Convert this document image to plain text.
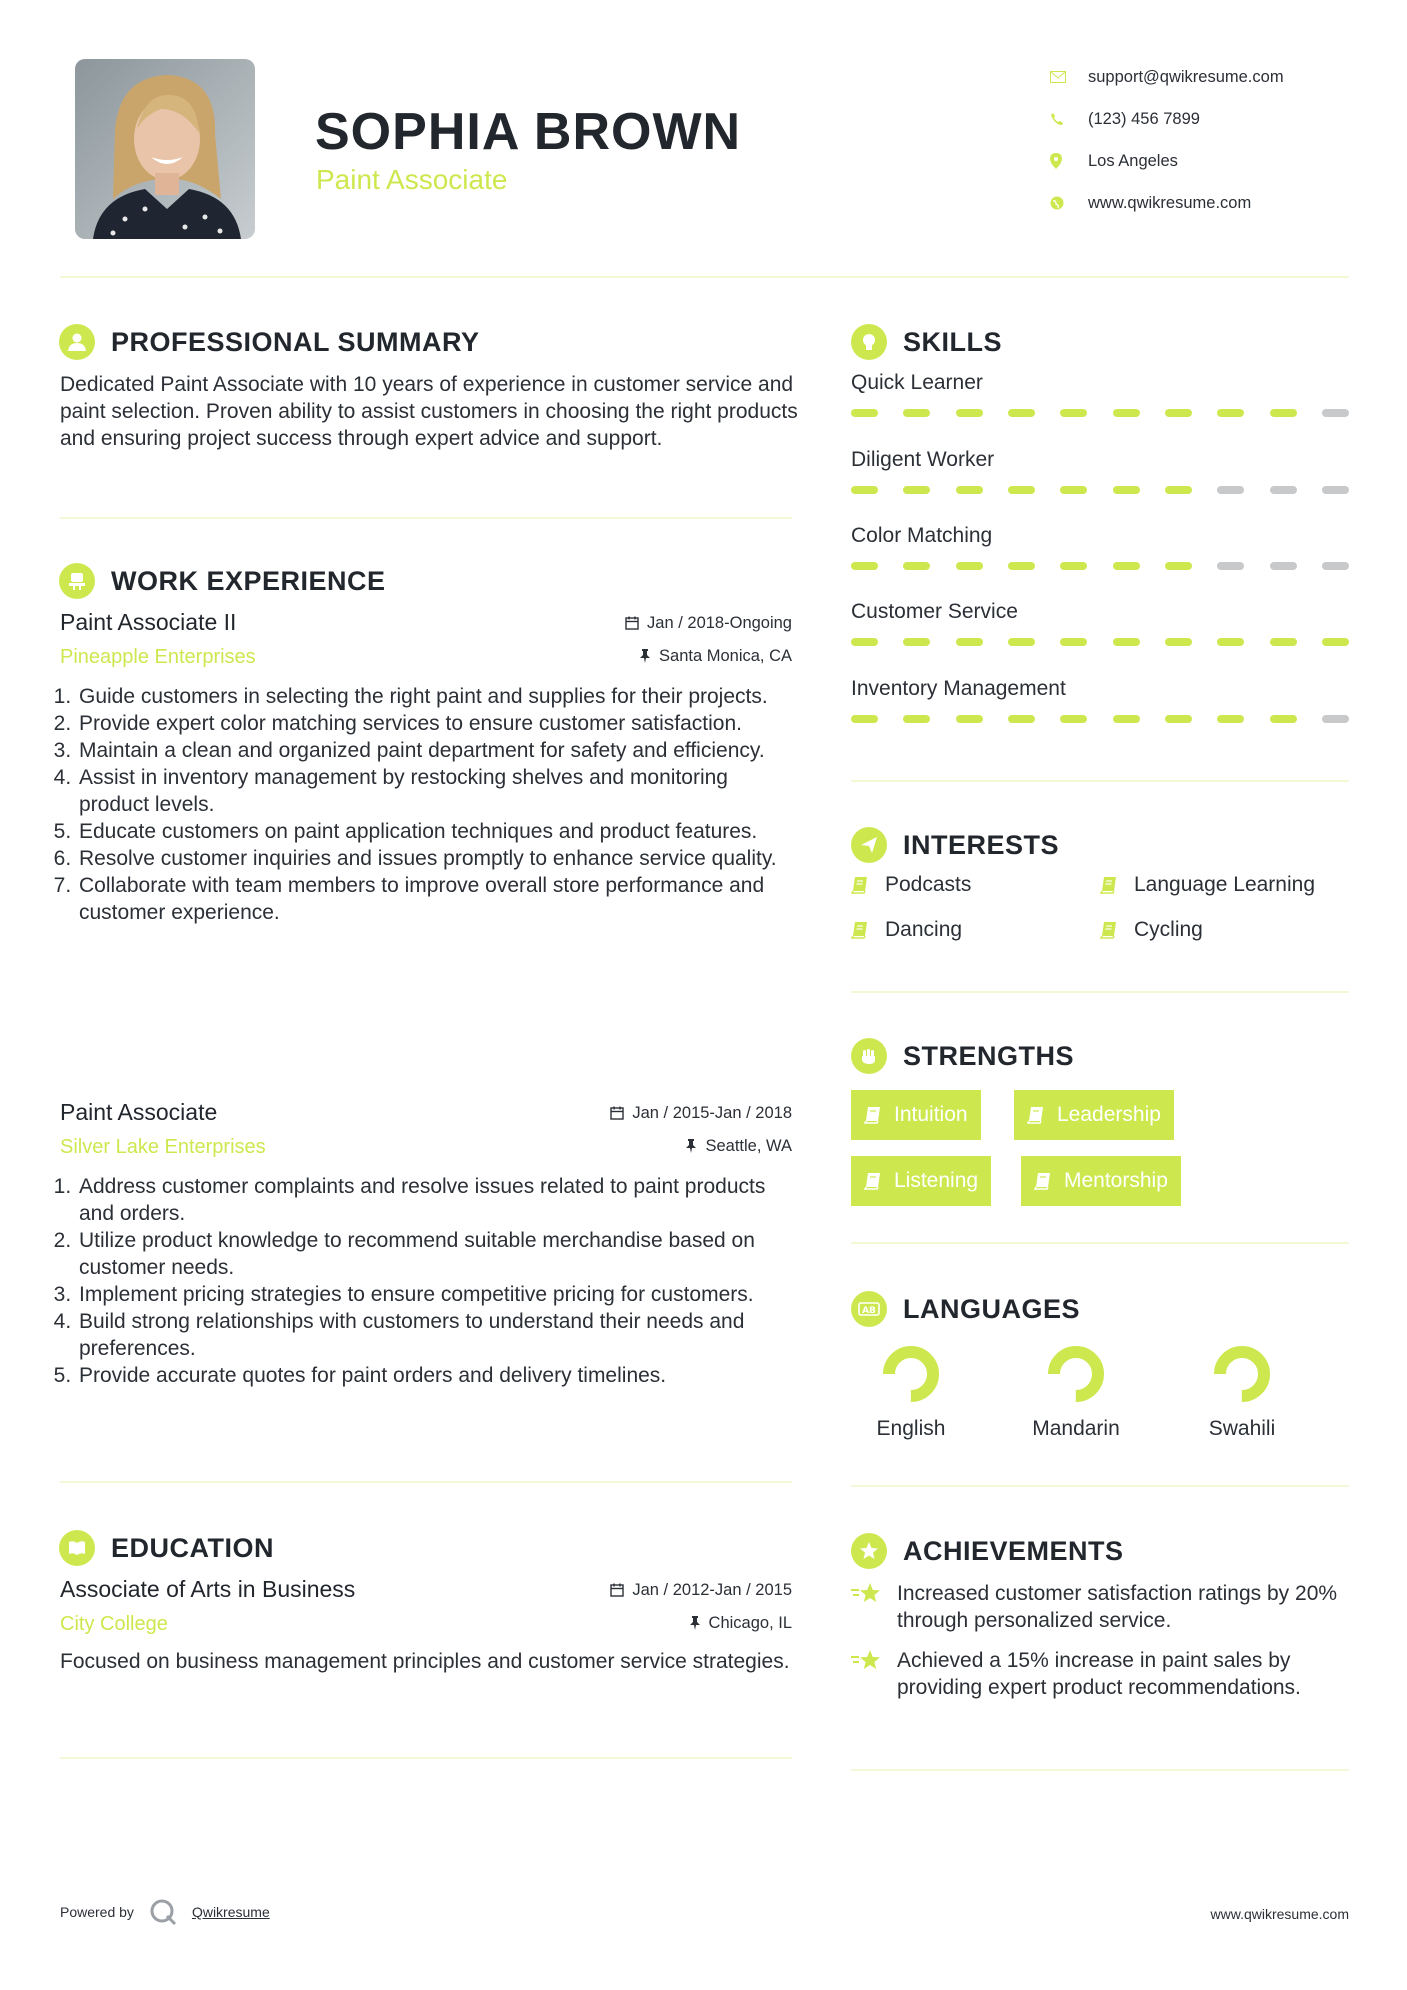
SOPHIA BROWN
Paint Associate
support@qwikresume.com
(123) 456 7899
Los Angeles
www.qwikresume.com
PROFESSIONAL SUMMARY
Dedicated Paint Associate with 10 years of experience in customer service and paint selection. Proven ability to assist customers in choosing the right products and ensuring project success through expert advice and support.
WORK EXPERIENCE
Paint Associate II	Jan / 2018-Ongoing
Pineapple Enterprises	Santa Monica, CA
1. Guide customers in selecting the right paint and supplies for their projects.
2. Provide expert color matching services to ensure customer satisfaction.
3. Maintain a clean and organized paint department for safety and efficiency.
4. Assist in inventory management by restocking shelves and monitoring product levels.
5. Educate customers on paint application techniques and product features.
6. Resolve customer inquiries and issues promptly to enhance service quality.
7. Collaborate with team members to improve overall store performance and customer experience.
Paint Associate	Jan / 2015-Jan / 2018
Silver Lake Enterprises	Seattle, WA
1. Address customer complaints and resolve issues related to paint products and orders.
2. Utilize product knowledge to recommend suitable merchandise based on customer needs.
3. Implement pricing strategies to ensure competitive pricing for customers.
4. Build strong relationships with customers to understand their needs and preferences.
5. Provide accurate quotes for paint orders and delivery timelines.
EDUCATION
Associate of Arts in Business	Jan / 2012-Jan / 2015
City College	Chicago, IL
Focused on business management principles and customer service strategies.
SKILLS
Quick Learner
Diligent Worker
Color Matching
Customer Service
Inventory Management
INTERESTS
Podcasts	Language Learning
Dancing	Cycling
STRENGTHS
Intuition	Leadership
Listening	Mentorship
AB LANGUAGES
English	Mandarin	Swahili
ACHIEVEMENTS
Increased customer satisfaction ratings by 20% through personalized service.
Achieved a 15% increase in paint sales by providing expert product recommendations.
Powered by	Qwikresume	www.qwikresume.com
